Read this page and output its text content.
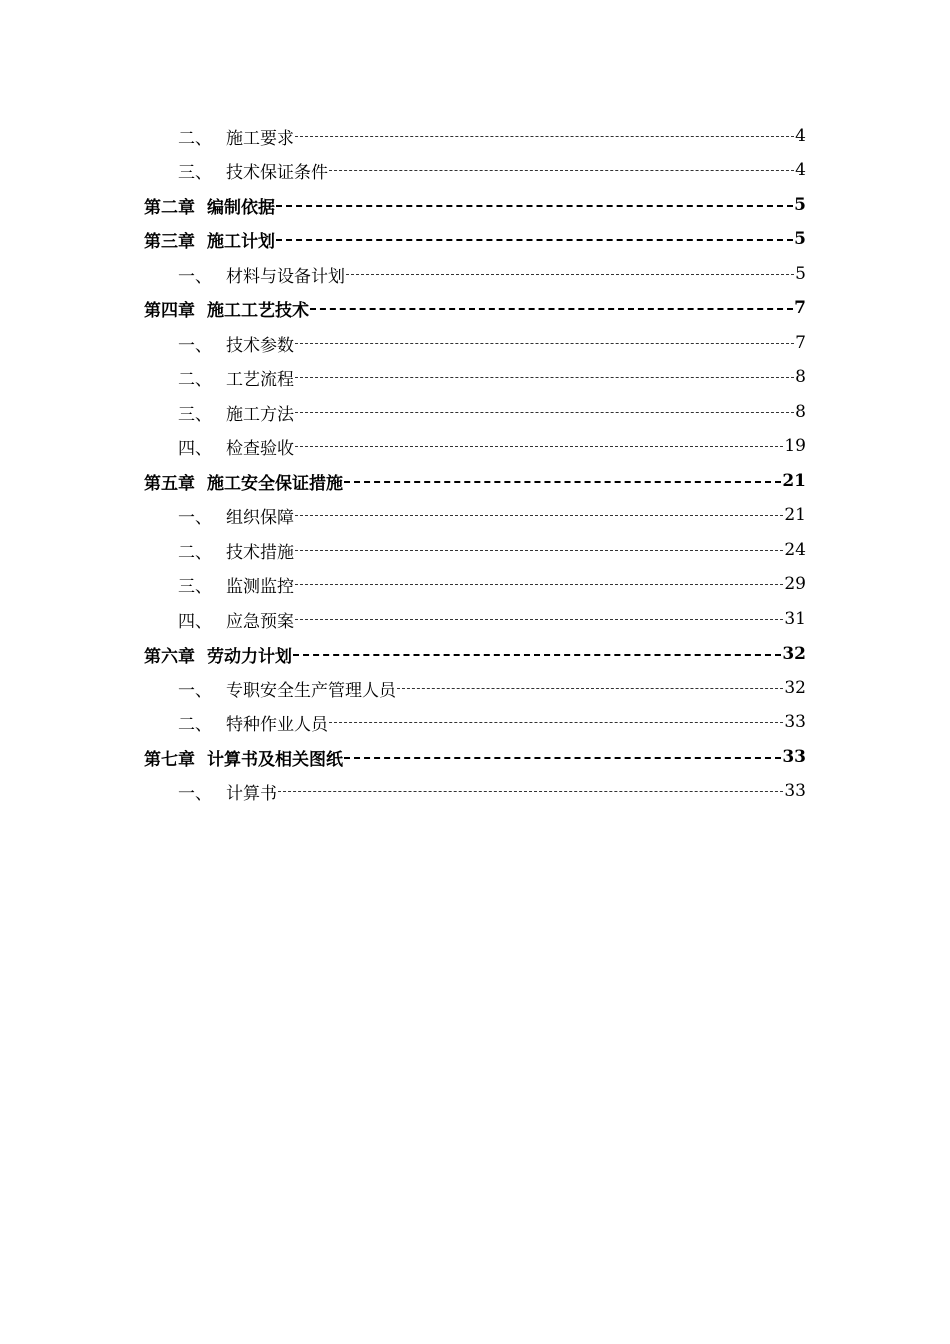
二、 施工要求	4
三、 技术保证条件	4
第二章 编制依据	5
第三章 施工计划	5
一、 材料与设备计划	5
第四章 施工工艺技术	7
一、 技术参数	7
二、 工艺流程	8
三、 施工方法	8
四、 检查验收	19
第五章 施工安全保证措施	21
一、 组织保障	21
二、 技术措施	24
三、 监测监控	29
四、 应急预案	31
第六章 劳动力计划	32
一、 专职安全生产管理人员	32
二、 特种作业人员	33
第七章 计算书及相关图纸	33
一、 计算书	33
